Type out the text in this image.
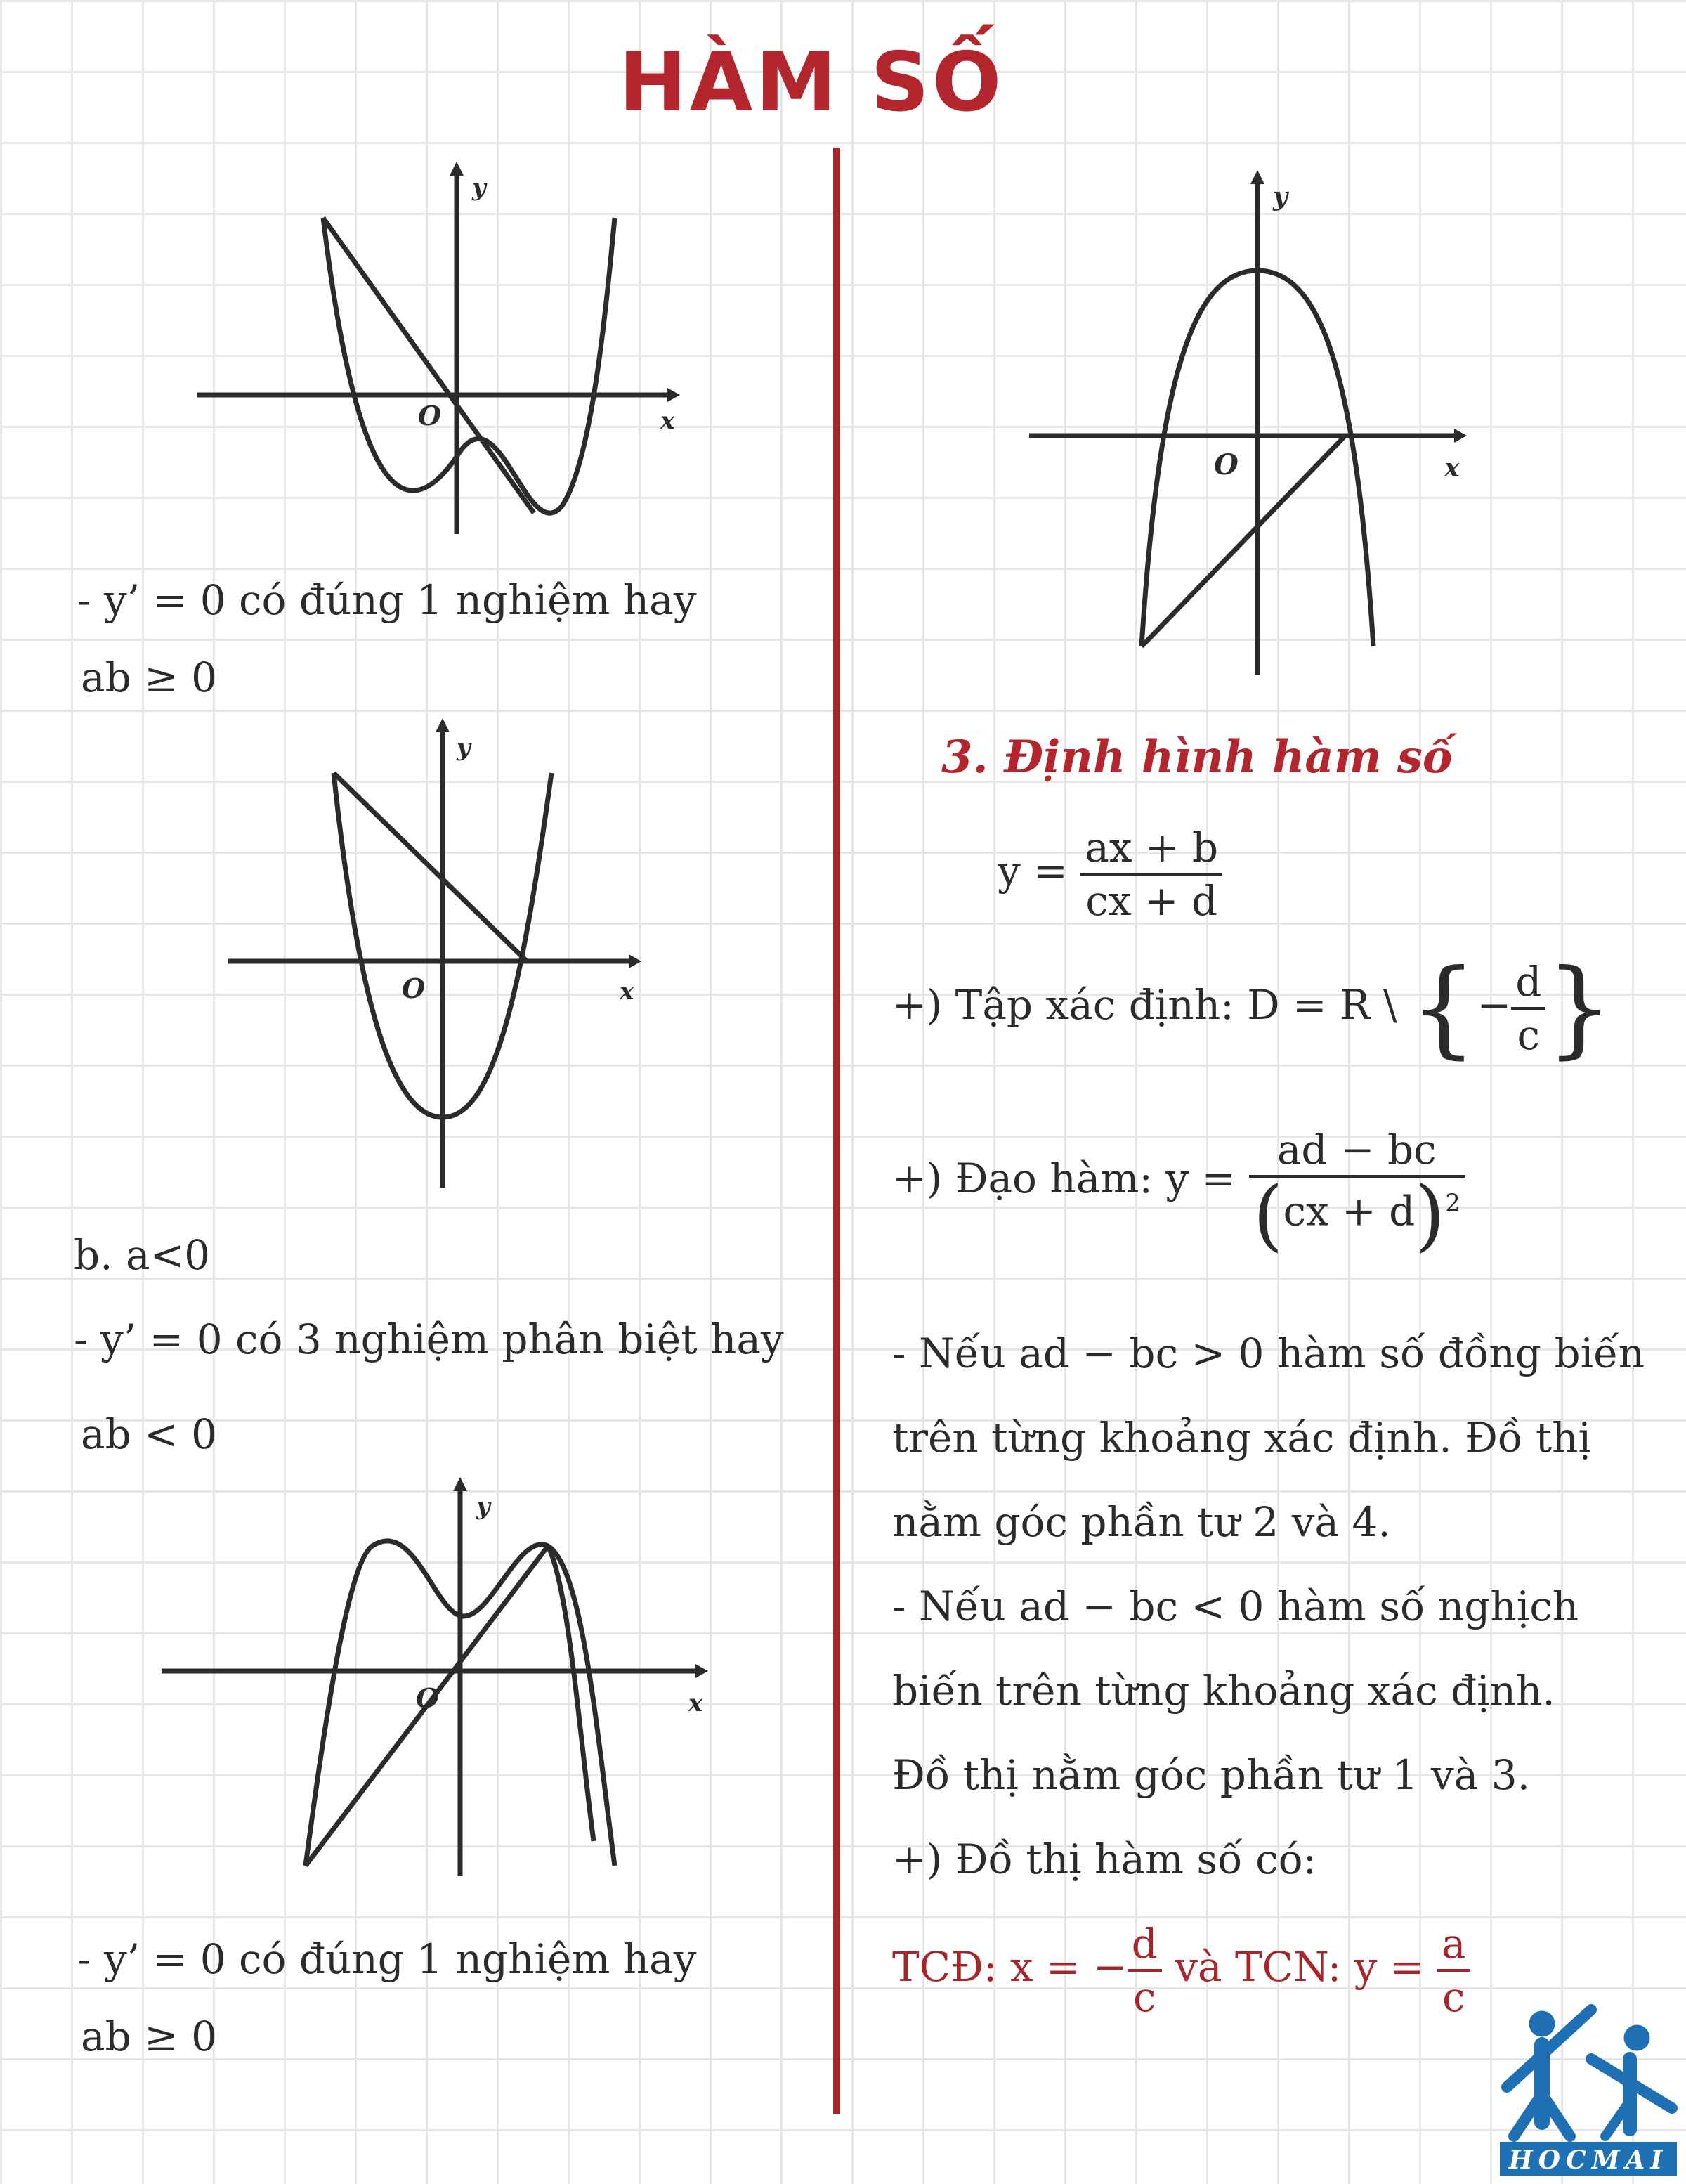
HÀM SỐ
y
O	x
- y’ = 0 có đúng 1 nghiệm hay
ab ≥ 0
y
O	x
b. a<0
- y’ = 0 có 3 nghiệm phân biệt hay
ab < 0
y
O	x
- y’ = 0 có đúng 1 nghiệm hay
ab ≥ 0
y
O	x
3. Định hình hàm số
$y = \frac{ax + b}{cx + d}$
+) Tập xác định: D = R \ {− $\frac{d}{c}$ }
+) Đạo hàm: $y = \frac{ad - bc}{(cx + d)^2}$
- Nếu ad − bc > 0 hàm số đồng biến
trên từng khoảng xác định. Đồ thị
nằm góc phần tư 2 và 4.
- Nếu ad − bc < 0 hàm số nghịch
biến trên từng khoảng xác định.
Đồ thị nằm góc phần tư 1 và 3.
+) Đồ thị hàm số có:
TCĐ: x = − $\frac{d}{c}$ và TCN: $y = \frac{a}{c}$
HOCMAI
